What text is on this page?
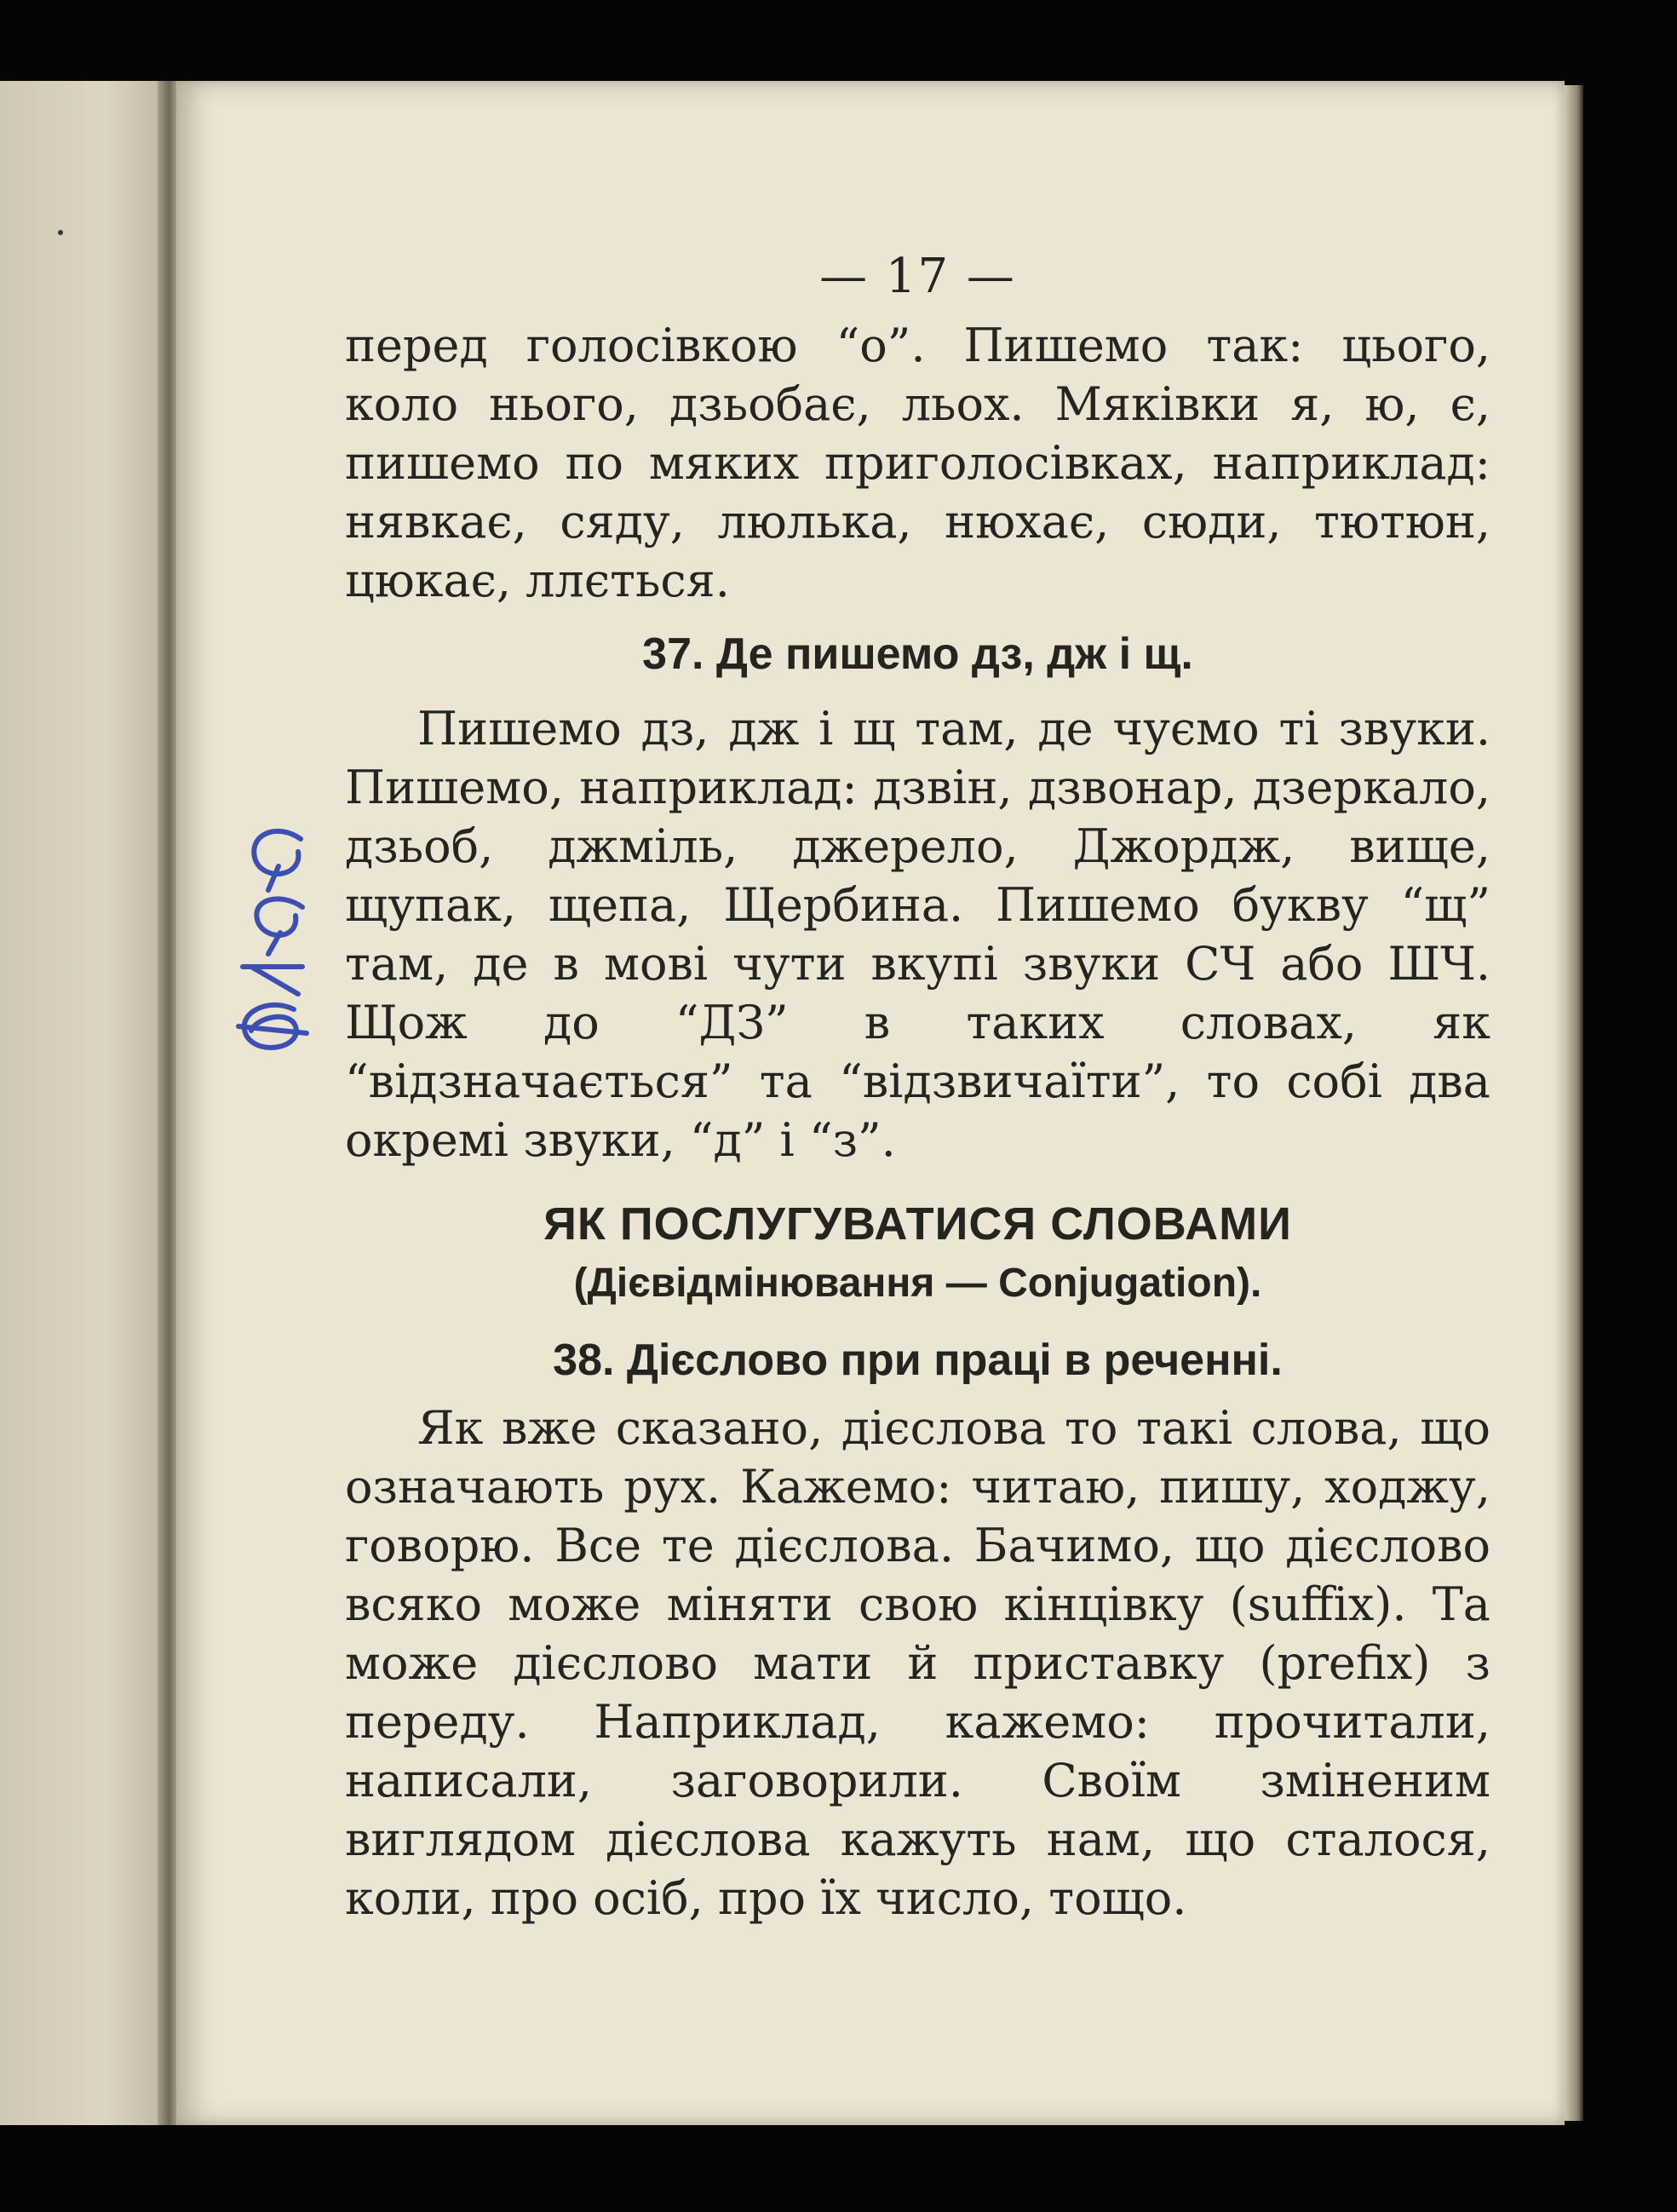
— 17 —

перед голосівкою “о”. Пишемо так: цього, коло нього, дзьобає, льох. Мяківки я, ю, є, пишемо по мяких приголосівках, наприклад: нявкає, сяду, люлька, нюхає, сюди, тютюн, цюкає, ллється.

37. Де пишемо дз, дж і щ.

Пишемо дз, дж і щ там, де чуємо ті звуки. Пишемо, наприклад: дзвін, дзвонар, дзеркало, дзьоб, джміль, джерело, Джордж, вище, щупак, щепа, Щербина. Пишемо букву “щ” там, де в мові чути вкупі звуки СЧ або ШЧ. Щож до “ДЗ” в таких словах, як “відзначається” та “відзвичаїти”, то собі два окремі звуки, “д” і “з”.

ЯК ПОСЛУГУВАТИСЯ СЛОВАМИ
(Дієвідмінювання — Conjugation).
38. Дієслово при праці в реченні.

Як вже сказано, дієслова то такі слова, що означають рух. Кажемо: читаю, пишу, ходжу, говорю. Все те дієслова. Бачимо, що дієслово всяко може міняти свою кінцівку (suffix). Та може дієслово мати й приставку (prefix) з переду. Наприклад, кажемо: прочитали, написали, заговорили. Своїм зміненим виглядом дієслова кажуть нам, що сталося, коли, про осіб, про їх число, тощо.
